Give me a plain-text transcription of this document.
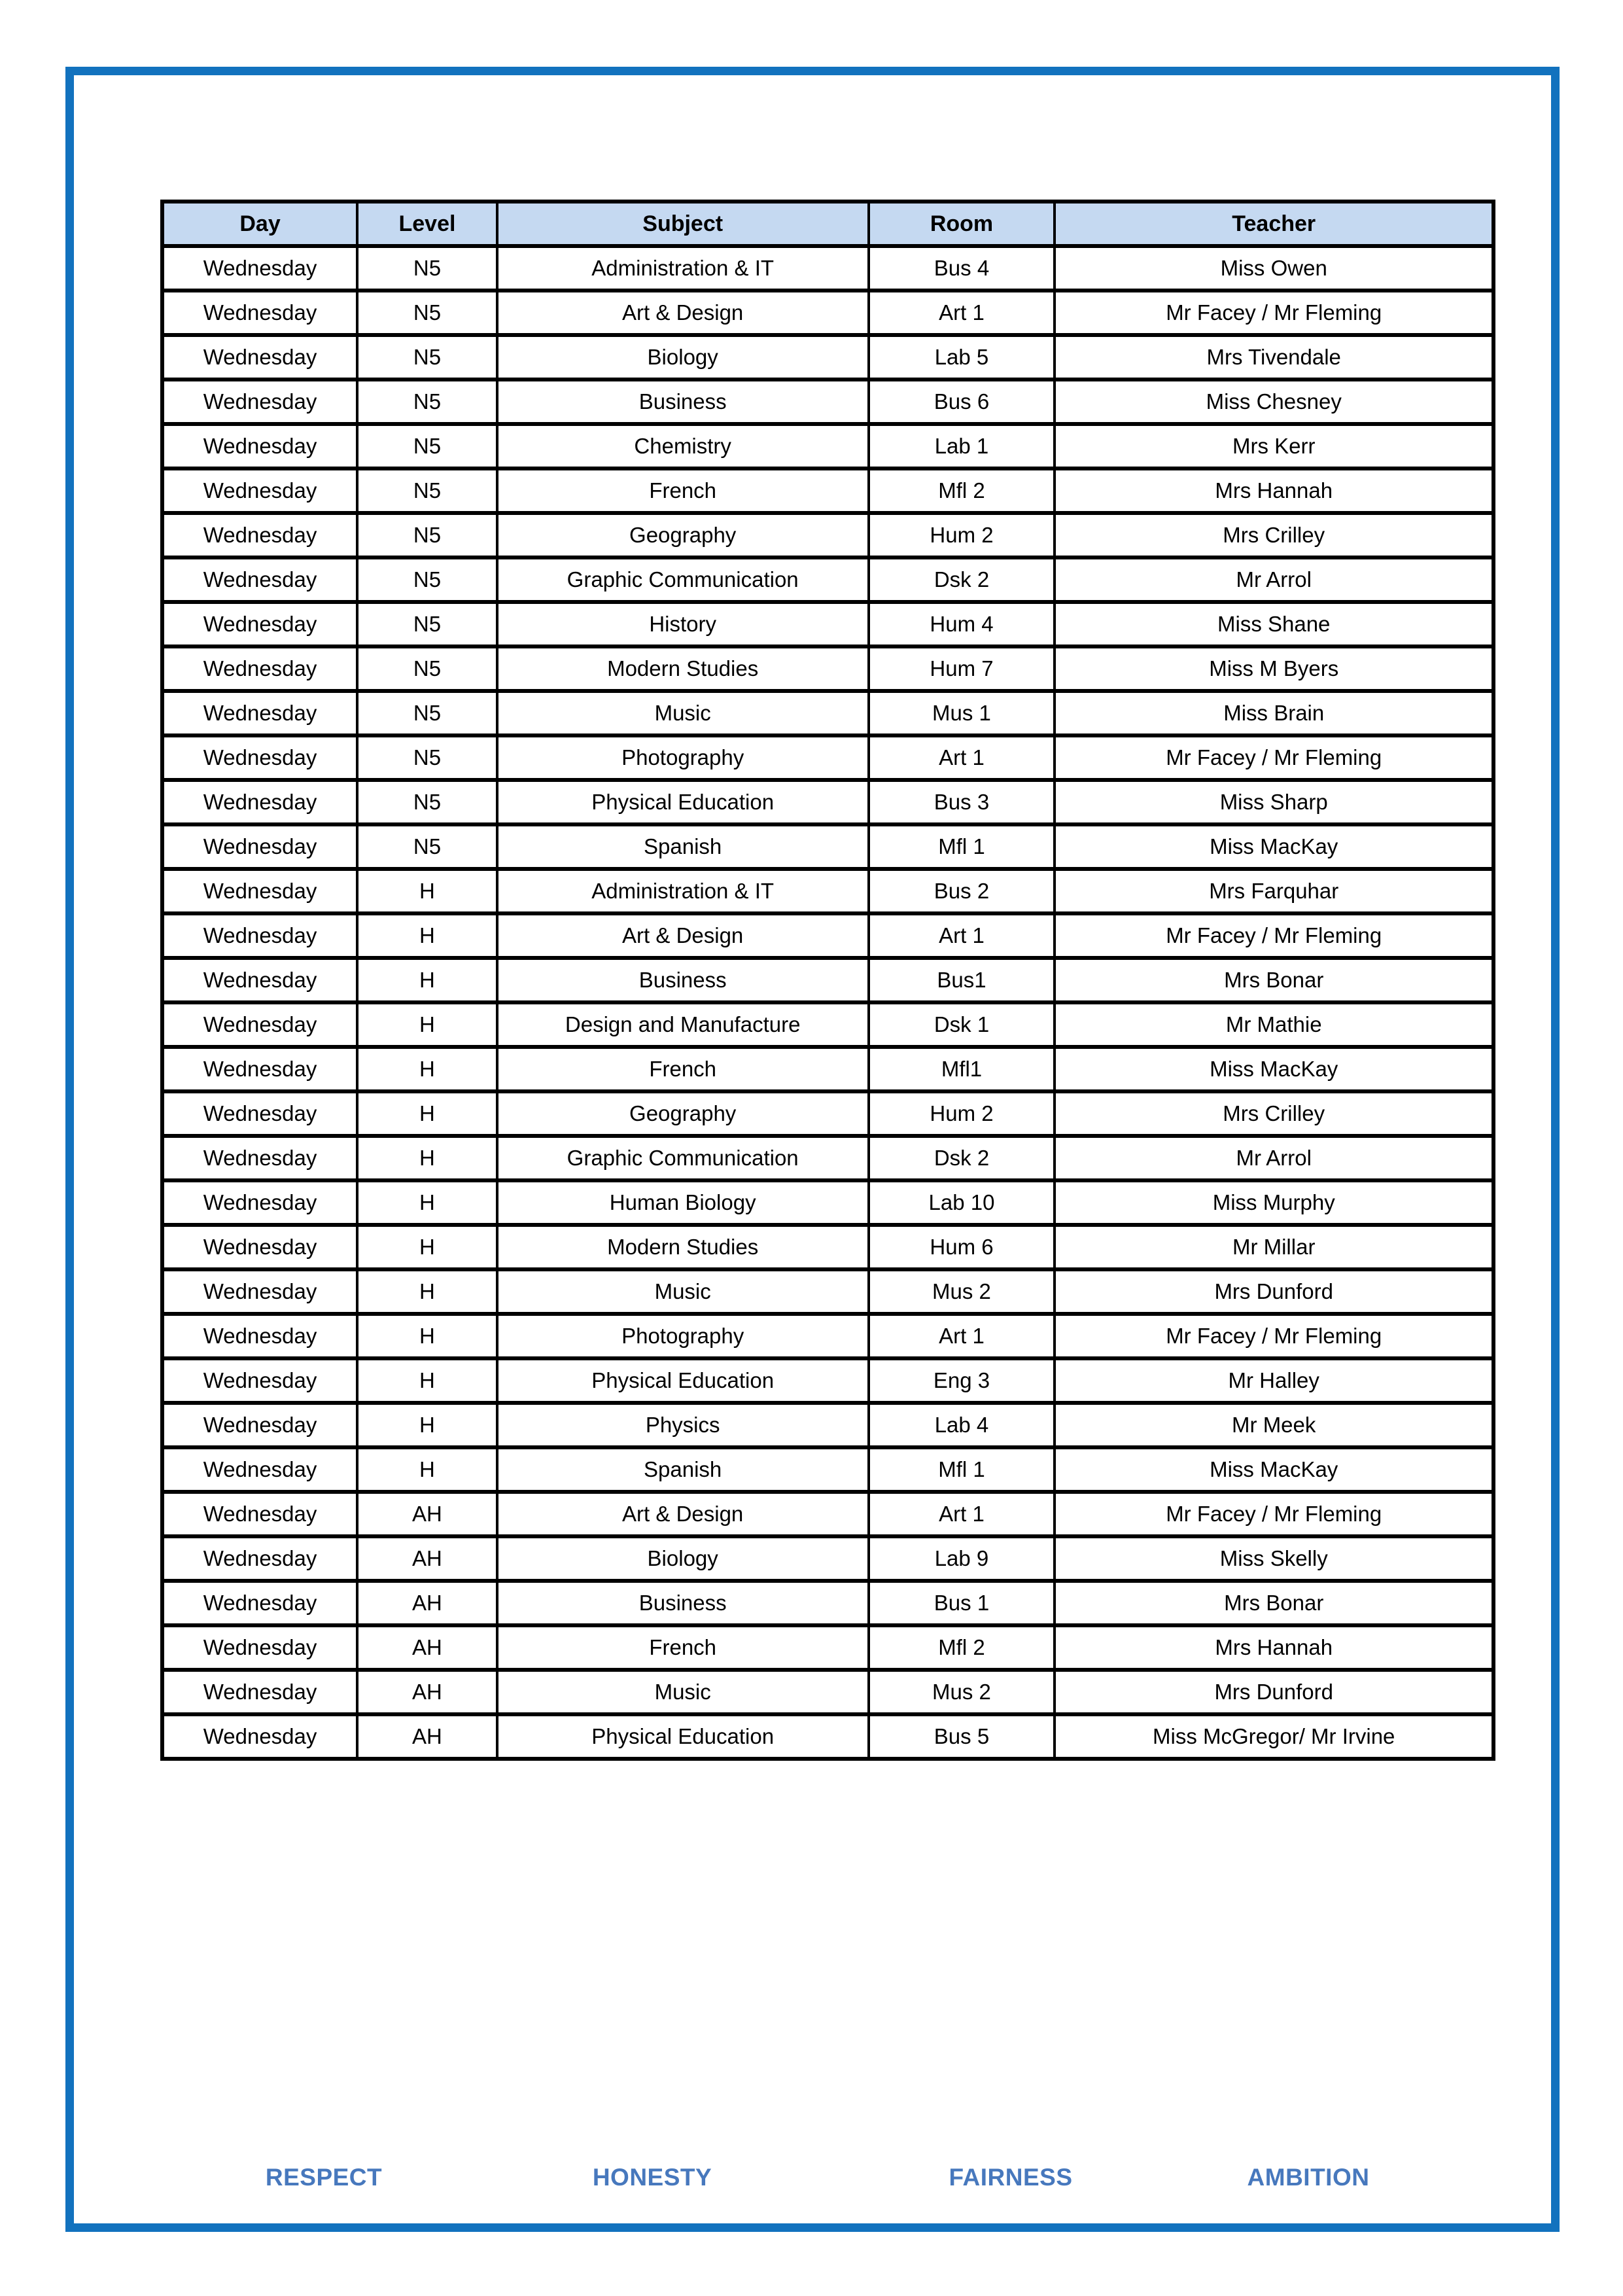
Day	Level	Subject	Room	Teacher
Wednesday	N5	Administration & IT	Bus 4	Miss Owen
Wednesday	N5	Art & Design	Art 1	Mr Facey / Mr Fleming
Wednesday	N5	Biology	Lab 5	Mrs Tivendale
Wednesday	N5	Business	Bus 6	Miss Chesney
Wednesday	N5	Chemistry	Lab 1	Mrs Kerr
Wednesday	N5	French	Mfl 2	Mrs Hannah
Wednesday	N5	Geography	Hum 2	Mrs Crilley
Wednesday	N5	Graphic Communication	Dsk 2	Mr Arrol
Wednesday	N5	History	Hum 4	Miss Shane
Wednesday	N5	Modern Studies	Hum 7	Miss M Byers
Wednesday	N5	Music	Mus 1	Miss Brain
Wednesday	N5	Photography	Art 1	Mr Facey / Mr Fleming
Wednesday	N5	Physical Education	Bus 3	Miss Sharp
Wednesday	N5	Spanish	Mfl 1	Miss MacKay
Wednesday	H	Administration & IT	Bus 2	Mrs Farquhar
Wednesday	H	Art & Design	Art 1	Mr Facey / Mr Fleming
Wednesday	H	Business	Bus1	Mrs Bonar
Wednesday	H	Design and Manufacture	Dsk 1	Mr Mathie
Wednesday	H	French	Mfl1	Miss MacKay
Wednesday	H	Geography	Hum 2	Mrs Crilley
Wednesday	H	Graphic Communication	Dsk 2	Mr Arrol
Wednesday	H	Human Biology	Lab 10	Miss Murphy
Wednesday	H	Modern Studies	Hum 6	Mr Millar
Wednesday	H	Music	Mus 2	Mrs Dunford
Wednesday	H	Photography	Art 1	Mr Facey / Mr Fleming
Wednesday	H	Physical Education	Eng 3	Mr Halley
Wednesday	H	Physics	Lab 4	Mr Meek
Wednesday	H	Spanish	Mfl 1	Miss MacKay
Wednesday	AH	Art & Design	Art 1	Mr Facey / Mr Fleming
Wednesday	AH	Biology	Lab 9	Miss Skelly
Wednesday	AH	Business	Bus 1	Mrs Bonar
Wednesday	AH	French	Mfl 2	Mrs Hannah
Wednesday	AH	Music	Mus 2	Mrs Dunford
Wednesday	AH	Physical Education	Bus 5	Miss McGregor/ Mr Irvine
RESPECT	HONESTY	FAIRNESS	AMBITION
